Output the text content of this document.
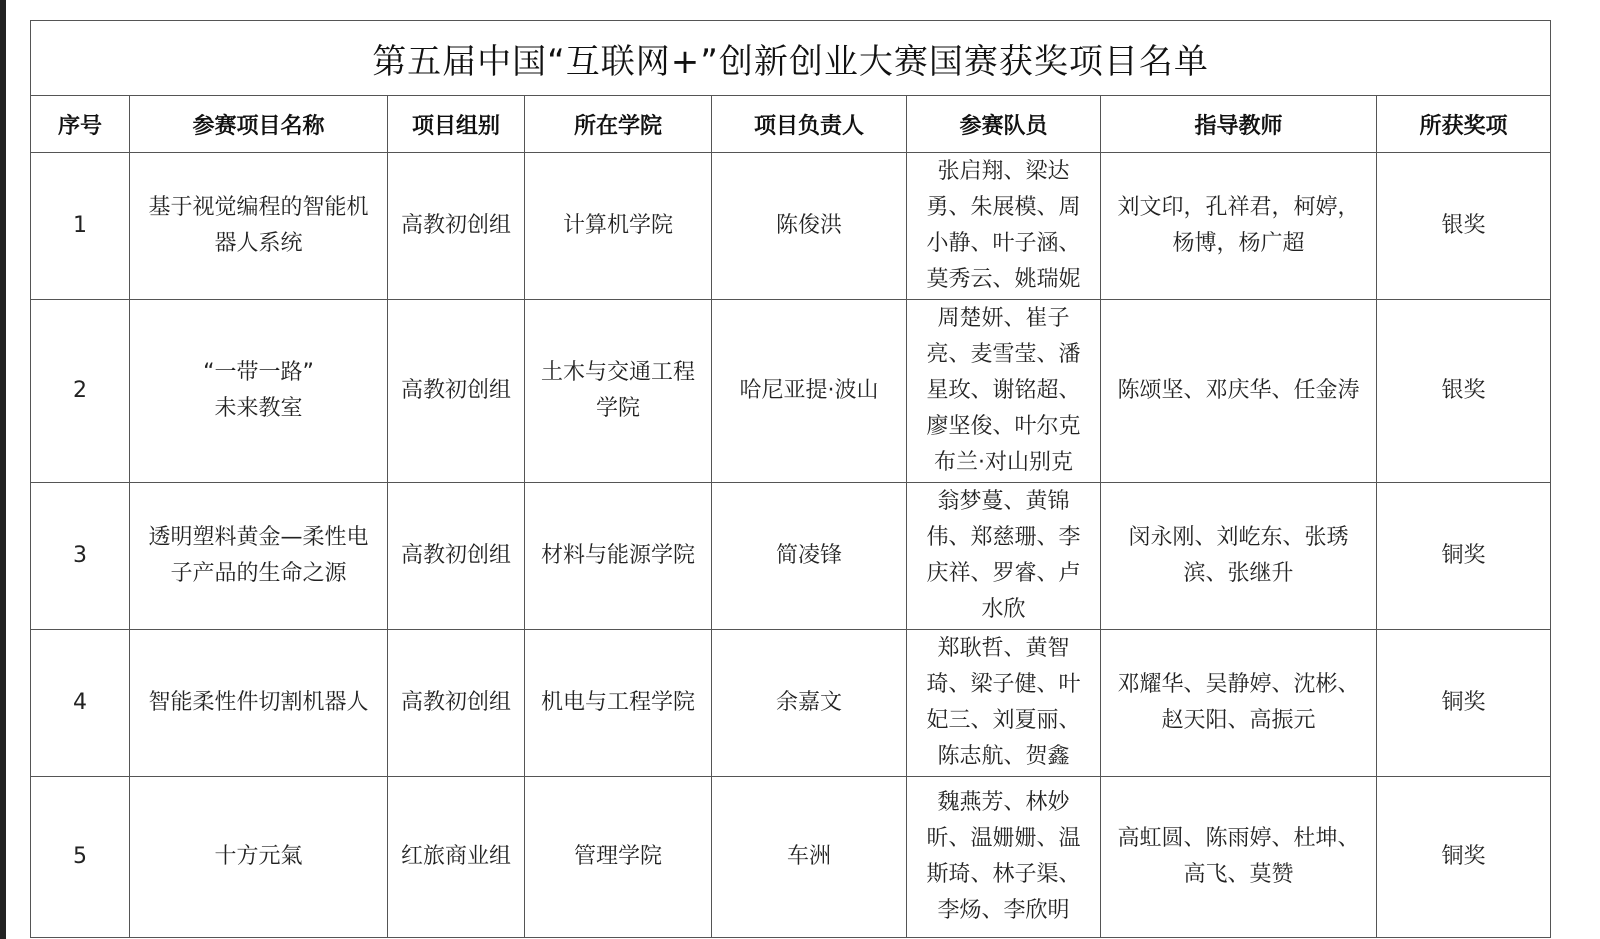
第五届中国“互联网+”创新创业大赛国赛获奖项目名单							
序号	参赛项目名称	项目组别	所在学院	项目负责人	参赛队员	指导教师	所获奖项
1	基于视觉编程的智能机
器人系统	高教初创组	计算机学院	陈俊洪	张启翔、梁达
勇、朱展模、周
小静、叶子涵、
莫秀云、姚瑞妮	刘文印，孔祥君，柯婷，
杨博，杨广超	银奖
2	“一带一路”
未来教室	高教初创组	土木与交通工程
学院	哈尼亚提·波山	周楚妍、崔子
亮、麦雪莹、潘
星玫、谢铭超、
廖坚俊、叶尔克
布兰·对山别克	陈颂坚、邓庆华、任金涛	银奖
3	透明塑料黄金—柔性电
子产品的生命之源	高教初创组	材料与能源学院	简凌锋	翁梦蔓、黄锦
伟、郑慈珊、李
庆祥、罗睿、卢
水欣	闵永刚、刘屹东、张琇
滨、张继升	铜奖
4	智能柔性件切割机器人	高教初创组	机电与工程学院	余嘉文	郑耿哲、黄智
琦、梁子健、叶
妃三、刘夏丽、
陈志航、贺鑫	邓耀华、吴静婷、沈彬、
赵天阳、高振元	铜奖
5	十方元氣	红旅商业组	管理学院	车洲	魏燕芳、林妙
昕、温姗姗、温
斯琦、林子渠、
李炀、李欣明	高虹圆、陈雨婷、杜坤、
高飞、莫赞	铜奖
